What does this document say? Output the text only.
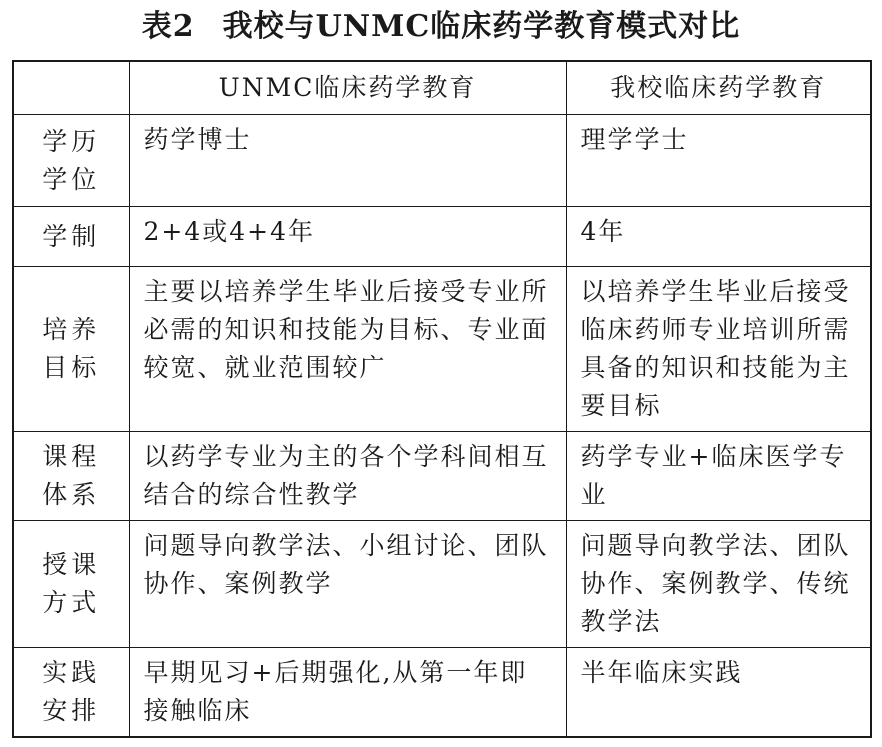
表2 我校与UNMC临床药学教育模式对比
	UNMC临床药学教育	我校临床药学教育
学历学位	药学博士	理学学士
学制	2+4或4+4年	4年
培养目标	主要以培养学生毕业后接受专业所必需的知识和技能为目标、专业面较宽、就业范围较广	以培养学生毕业后接受临床药师专业培训所需具备的知识和技能为主要目标
课程体系	以药学专业为主的各个学科间相互结合的综合性教学	药学专业+临床医学专业
授课方式	问题导向教学法、小组讨论、团队协作、案例教学	问题导向教学法、团队协作、案例教学、传统教学法
实践安排	早期见习+后期强化,从第一年即接触临床	半年临床实践
